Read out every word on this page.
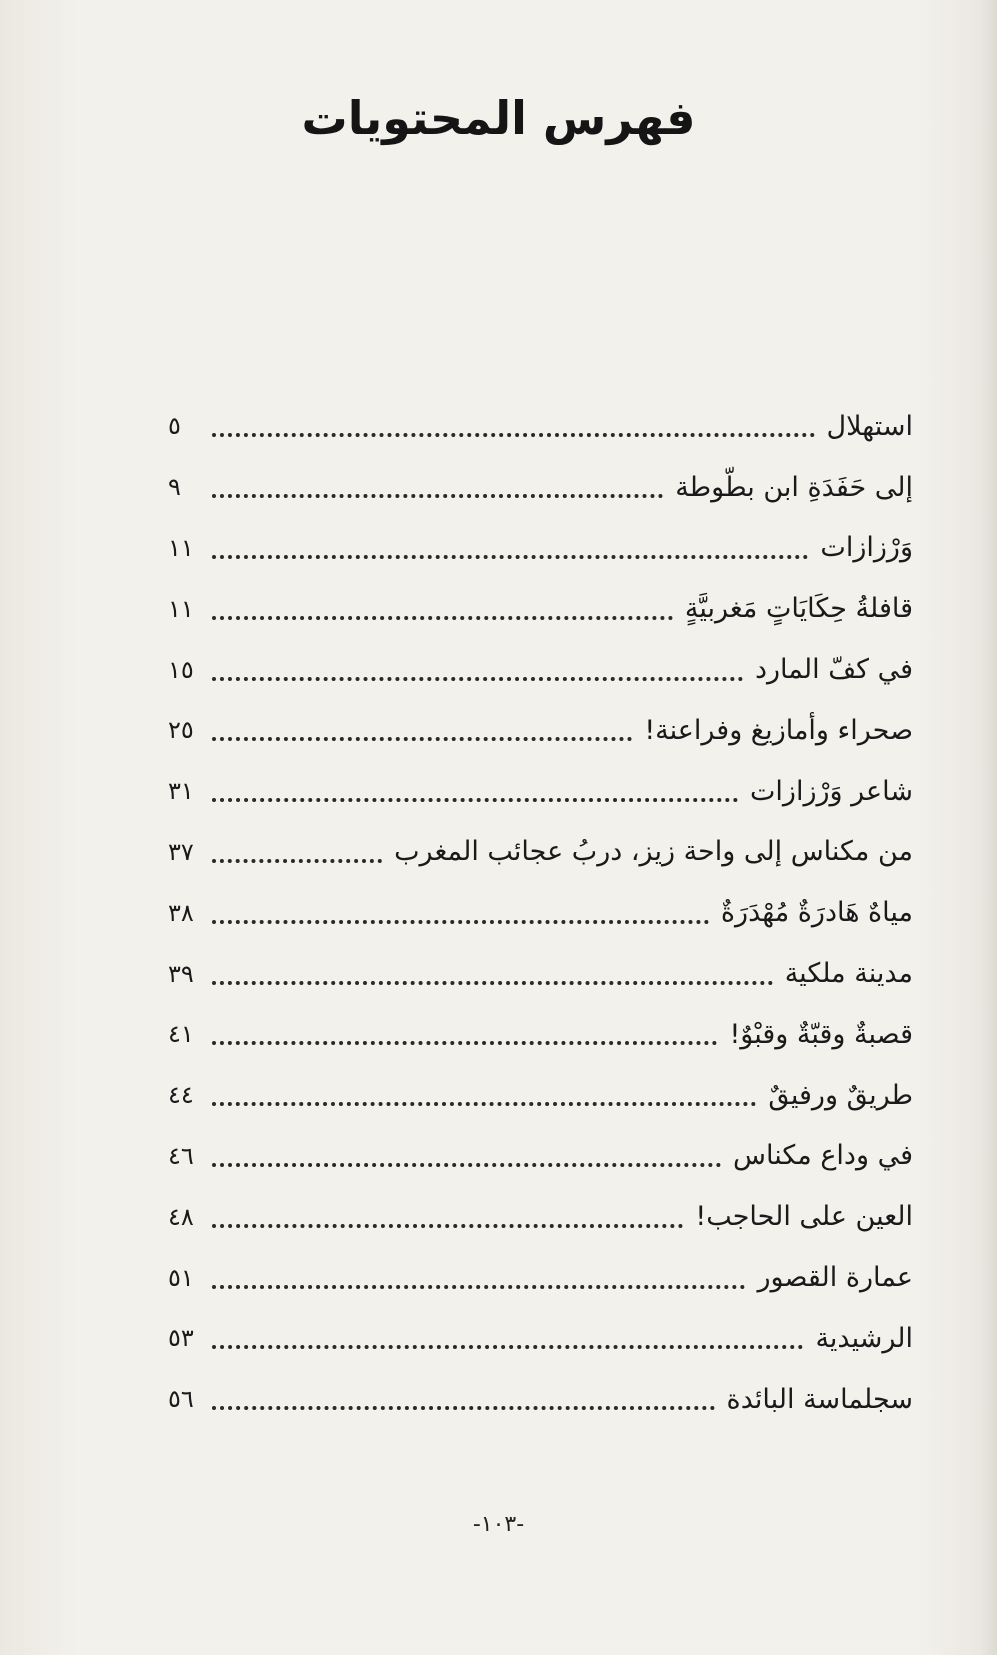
فهرس المحتويات
استهلال
٥
إلى حَفَدَةِ ابن بطّوطة
٩
وَرْزازات
١١
قافلةُ حِكَايَاتٍ مَغربيَّةٍ
١١
في كفّ المارد
١٥
صحراء وأمازيغ وفراعنة!
٢٥
شاعر وَرْزازات
٣١
من مكناس إلى واحة زيز، دربُ عجائب المغرب
٣٧
مياهٌ هَادرَةٌ مُهْدَرَةٌ
٣٨
مدينة ملكية
٣٩
قصبةٌ وقبّةٌ وقبْوٌ!
٤١
طريقٌ ورفيقٌ
٤٤
في وداع مكناس
٤٦
العين على الحاجب!
٤٨
عمارة القصور
٥١
الرشيدية
٥٣
سجلماسة البائدة
٥٦
-١٠٣-
